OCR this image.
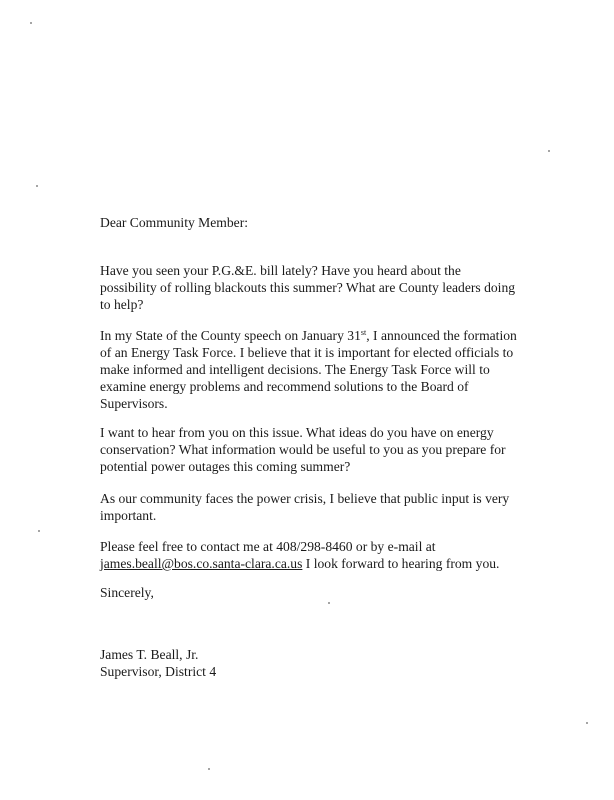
Dear Community Member:

Have you seen your P.G.&E. bill lately? Have you heard about the
possibility of rolling blackouts this summer? What are County leaders doing
to help?

In my State of the County speech on January 31st, I announced the formation
of an Energy Task Force. I believe that it is important for elected officials to
make informed and intelligent decisions. The Energy Task Force will to
examine energy problems and recommend solutions to the Board of
Supervisors.

I want to hear from you on this issue. What ideas do you have on energy
conservation? What information would be useful to you as you prepare for
potential power outages this coming summer?

As our community faces the power crisis, I believe that public input is very
important.

Please feel free to contact me at 408/298-8460 or by e-mail at
james.beall@bos.co.santa-clara.ca.us I look forward to hearing from you.

Sincerely,

James T. Beall, Jr.
Supervisor, District 4
